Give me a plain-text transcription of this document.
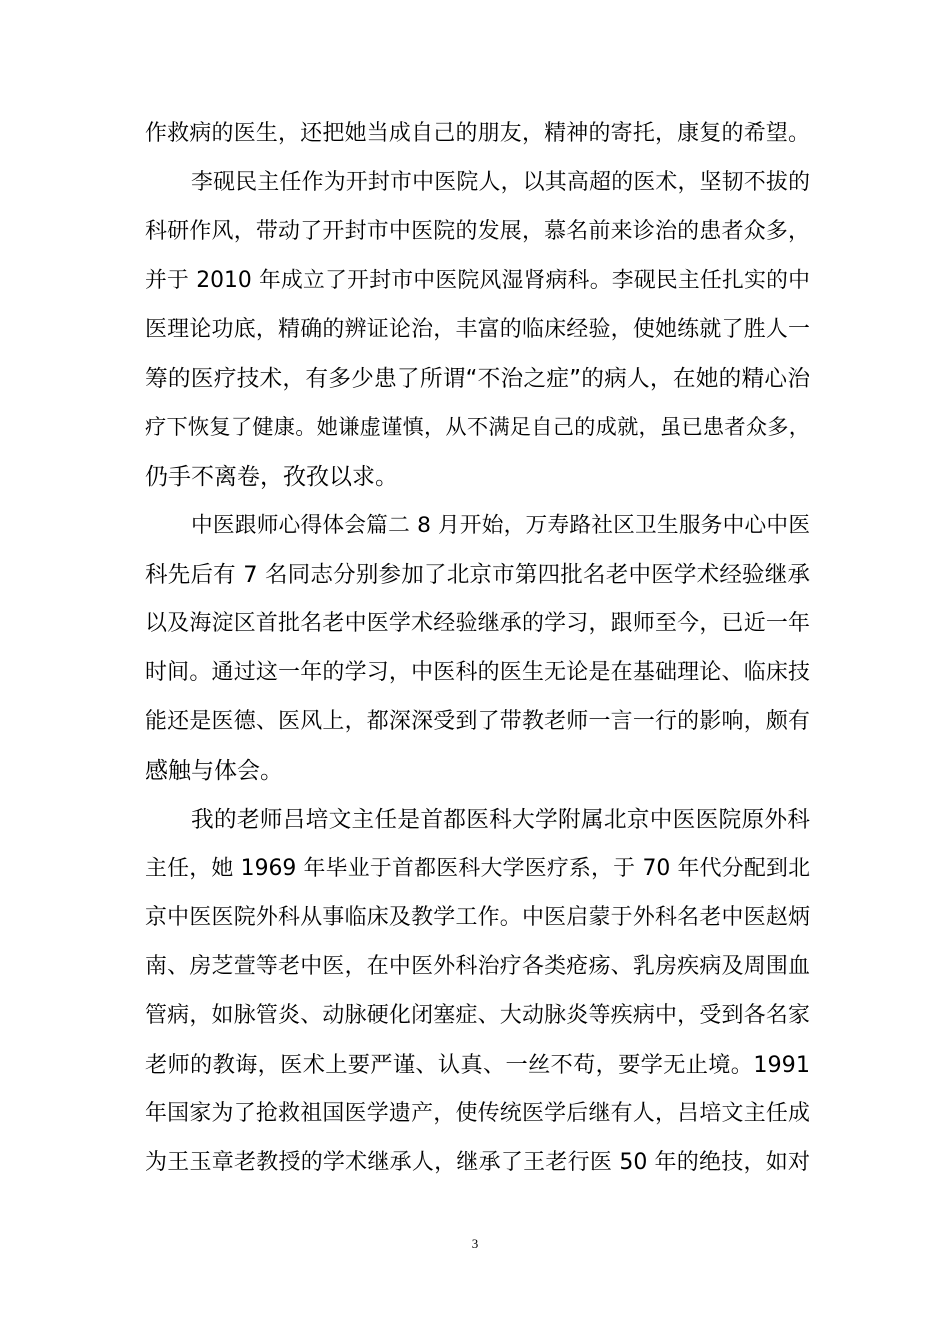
作救病的医生，还把她当成自己的朋友，精神的寄托，康复的希望。
李砚民主任作为开封市中医院人，以其高超的医术，坚韧不拔的
科研作风，带动了开封市中医院的发展，慕名前来诊治的患者众多，
并于 2010 年成立了开封市中医院风湿肾病科。李砚民主任扎实的中
医理论功底，精确的辨证论治，丰富的临床经验，使她练就了胜人一
筹的医疗技术，有多少患了所谓“不治之症”的病人，在她的精心治
疗下恢复了健康。她谦虚谨慎，从不满足自己的成就，虽已患者众多，
仍手不离卷，孜孜以求。
中医跟师心得体会篇二 8 月开始，万寿路社区卫生服务中心中医
科先后有 7 名同志分别参加了北京市第四批名老中医学术经验继承
以及海淀区首批名老中医学术经验继承的学习，跟师至今，已近一年
时间。通过这一年的学习，中医科的医生无论是在基础理论、临床技
能还是医德、医风上，都深深受到了带教老师一言一行的影响，颇有
感触与体会。
我的老师吕培文主任是首都医科大学附属北京中医医院原外科
主任，她 1969 年毕业于首都医科大学医疗系，于 70 年代分配到北
京中医医院外科从事临床及教学工作。中医启蒙于外科名老中医赵炳
南、房芝萱等老中医，在中医外科治疗各类疮疡、乳房疾病及周围血
管病，如脉管炎、动脉硬化闭塞症、大动脉炎等疾病中，受到各名家
老师的教诲，医术上要严谨、认真、一丝不苟，要学无止境。1991
年国家为了抢救祖国医学遗产，使传统医学后继有人，吕培文主任成
为王玉章老教授的学术继承人，继承了王老行医 50 年的绝技，如对
3
